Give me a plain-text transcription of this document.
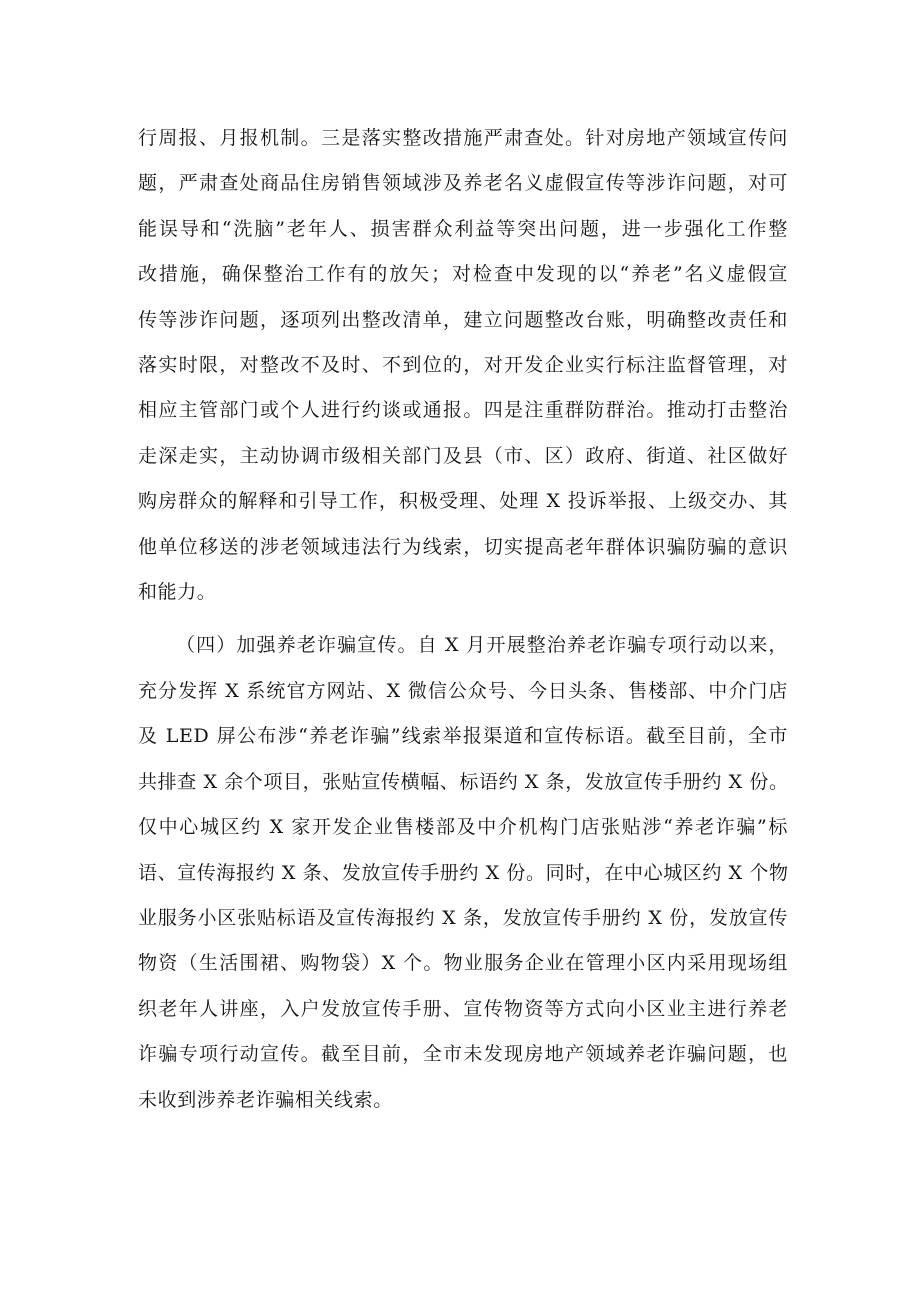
行周报、月报机制。三是落实整改措施严肃查处。针对房地产领域宣传问
题，严肃查处商品住房销售领域涉及养老名义虚假宣传等涉诈问题，对可
能误导和“洗脑”老年人、损害群众利益等突出问题，进一步强化工作整
改措施，确保整治工作有的放矢；对检查中发现的以“养老”名义虚假宣
传等涉诈问题，逐项列出整改清单，建立问题整改台账，明确整改责任和
落实时限，对整改不及时、不到位的，对开发企业实行标注监督管理，对
相应主管部门或个人进行约谈或通报。四是注重群防群治。推动打击整治
走深走实，主动协调市级相关部门及县（市、区）政府、街道、社区做好
购房群众的解释和引导工作，积极受理、处理 X 投诉举报、上级交办、其
他单位移送的涉老领域违法行为线索，切实提高老年群体识骗防骗的意识
和能力。
（四）加强养老诈骗宣传。自 X 月开展整治养老诈骗专项行动以来，
充分发挥 X 系统官方网站、X 微信公众号、今日头条、售楼部、中介门店
及 LED 屏公布涉“养老诈骗”线索举报渠道和宣传标语。截至目前，全市
共排查 X 余个项目，张贴宣传横幅、标语约 X 条，发放宣传手册约 X 份。
仅中心城区约 X 家开发企业售楼部及中介机构门店张贴涉“养老诈骗”标
语、宣传海报约 X 条、发放宣传手册约 X 份。同时，在中心城区约 X 个物
业服务小区张贴标语及宣传海报约 X 条，发放宣传手册约 X 份，发放宣传
物资（生活围裙、购物袋）X 个。物业服务企业在管理小区内采用现场组
织老年人讲座，入户发放宣传手册、宣传物资等方式向小区业主进行养老
诈骗专项行动宣传。截至目前，全市未发现房地产领域养老诈骗问题，也
未收到涉养老诈骗相关线索。
